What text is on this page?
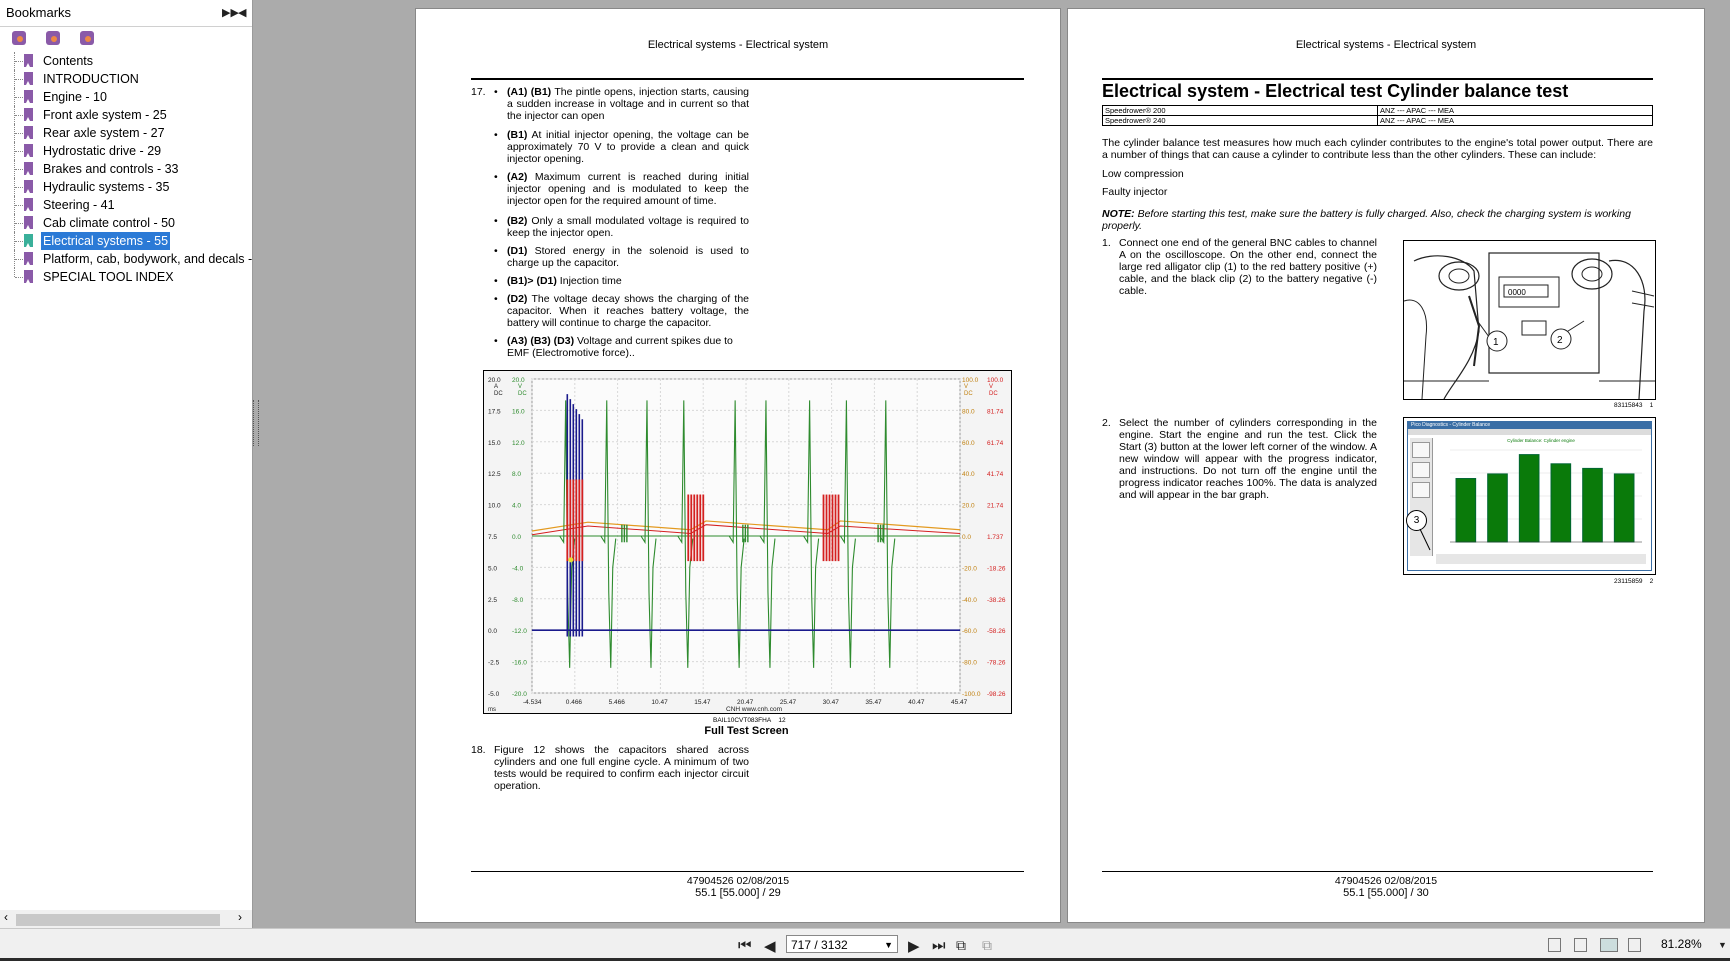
Bookmarks	▶▶ ◀
Contents
INTRODUCTION
Engine - 10
Front axle system - 25
Rear axle system - 27
Hydrostatic drive - 29
Brakes and controls - 33
Hydraulic systems - 35
Steering - 41
Cab climate control - 50
Electrical systems - 55
Platform, cab, bodywork, and decals -
SPECIAL TOOL INDEX
‹	›
Electrical systems - Electrical system
17. • (A1) (B1) The pintle opens, injection starts, causing a sudden increase in voltage and in current so that the injector can open
• (B1) At initial injector opening, the voltage can be approximately 70 V to provide a clean and quick injector opening.
• (A2) Maximum current is reached during initial injector opening and is modulated to keep the injector open for the required amount of time.
• (B2) Only a small modulated voltage is required to keep the injector open.
• (D1) Stored energy in the solenoid is used to charge up the capacitor.
• (B1)> (D1) Injection time
• (D2) The voltage decay shows the charging of the capacitor. When it reaches battery voltage, the battery will continue to charge the capacitor.
• (A3) (B3) (D3) Voltage and current spikes due to EMF (Electromotive force)..
20.0 20.0	100.0 100.0
17.5 16.0	80.0 81.74
15.0 12.0	60.0 61.74
12.5 8.0	40.0 41.74
10.0 4.0	20.0 21.74
7.5 0.0	0.0 1.737
5.0 -4.0	-20.0 -18.26
2.5 -8.0	-40.0 -38.26
0.0 -12.0	-60.0 -58.26
-2.5 -16.0	-80.0 -78.26
-5.0 -20.0	-100.0 -98.26
-4.534	0.466	5.466	10.47	15.47	20.47	25.47	30.47	35.47	40.47	45.47
ms	CNH www.cnh.com
A
DC
V
DC
V
DC
V
DC
BAIL10CVT083FHA 12
Full Test Screen
18. Figure 12 shows the capacitors shared across cylinders and one full engine cycle. A minimum of two tests would be required to confirm each injector circuit operation.
47904526 02/08/2015
55.1 [55.000] / 29
Electrical systems - Electrical system
Electrical system - Electrical test Cylinder balance test
Speedrower® 200	ANZ --- APAC --- MEA
Speedrower® 240	ANZ --- APAC --- MEA
The cylinder balance test measures how much each cylinder contributes to the engine's total power output. There are a number of things that can cause a cylinder to contribute less than the other cylinders. These can include:
Low compression
Faulty injector
NOTE: Before starting this test, make sure the battery is fully charged. Also, check the charging system is working properly.
1. Connect one end of the general BNC cables to channel A on the oscilloscope. On the other end, connect the large red alligator clip (1) to the red battery positive (+) cable, and the black clip (2) to the battery negative (-) cable.	0000
1	2
83115843 1
2. Select the number of cylinders corresponding in the engine. Start the engine and run the test. Click the Start (3) button at the lower left corner of the window. A new window will appear with the progress indicator, and instructions. Do not turn off the engine until the progress indicator reaches 100%. The data is analyzed and will appear in the bar graph.
Pico Diagnostics - Cylinder Balance
Cylinder Balance: Cylinder engine
3
23115859 2
47904526 02/08/2015
55.1 [55.000] / 30
⏮ ◀	717 / 3132	▼ ▶ ⏭ ⧉ ⧉	81.28% ▼
